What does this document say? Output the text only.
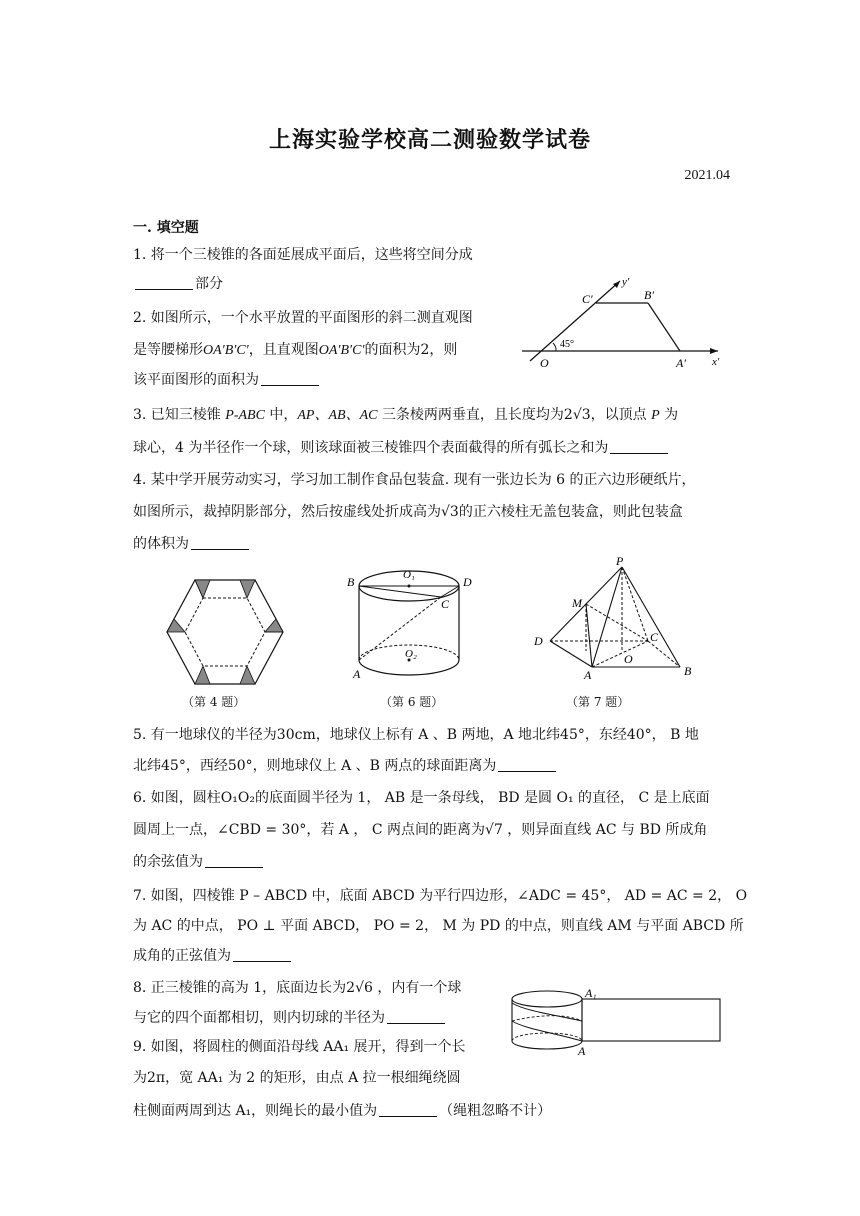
上海实验学校高二测验数学试卷
2021.04
一. 填空题
1. 将一个三棱锥的各面延展成平面后，这些将空间分成
部分
2. 如图所示，一个水平放置的平面图形的斜二测直观图
是等腰梯形OA′B′C′，且直观图OA′B′C′的面积为2，则
该平面图形的面积为
y′
C′	B′
45°
O	A′ x′
3. 已知三棱锥 P-ABC 中，AP、AB、AC 三条棱两两垂直，且长度均为2√3，以顶点 P 为
球心，4 为半径作一个球，则该球面被三棱锥四个表面截得的所有弧长之和为
4. 某中学开展劳动实习，学习加工制作食品包装盒. 现有一张边长为 6 的正六边形硬纸片，
如图所示，裁掉阴影部分，然后按虚线处折成高为√3的正六棱柱无盖包装盒，则此包装盒
的体积为
B	O₁	D
C
O₂
A
P
M
D	C
O
A	B
（第 4 题）	（第 6 题）	（第 7 题）
5. 有一地球仪的半径为30cm，地球仪上标有 A 、B 两地，A 地北纬45°，东经40°， B 地
北纬45°，西经50°，则地球仪上 A 、B 两点的球面距离为
6. 如图，圆柱O₁O₂的底面圆半径为 1， AB 是一条母线， BD 是圆 O₁ 的直径， C 是上底面
圆周上一点，∠CBD = 30°，若 A ， C 两点间的距离为√7 ，则异面直线 AC 与 BD 所成角
的余弦值为
7. 如图，四棱锥 P – ABCD 中，底面 ABCD 为平行四边形，∠ADC = 45°， AD = AC = 2， O
为 AC 的中点， PO ⊥ 平面 ABCD， PO = 2， M 为 PD 的中点，则直线 AM 与平面 ABCD 所
成角的正弦值为
8. 正三棱锥的高为 1，底面边长为2√6 ，内有一个球
与它的四个面都相切，则内切球的半径为
9. 如图，将圆柱的侧面沿母线 AA₁ 展开，得到一个长
为2π，宽 AA₁ 为 2 的矩形，由点 A 拉一根细绳绕圆
柱侧面两周到达 A₁，则绳长的最小值为	（绳粗忽略不计）
A₁
A
